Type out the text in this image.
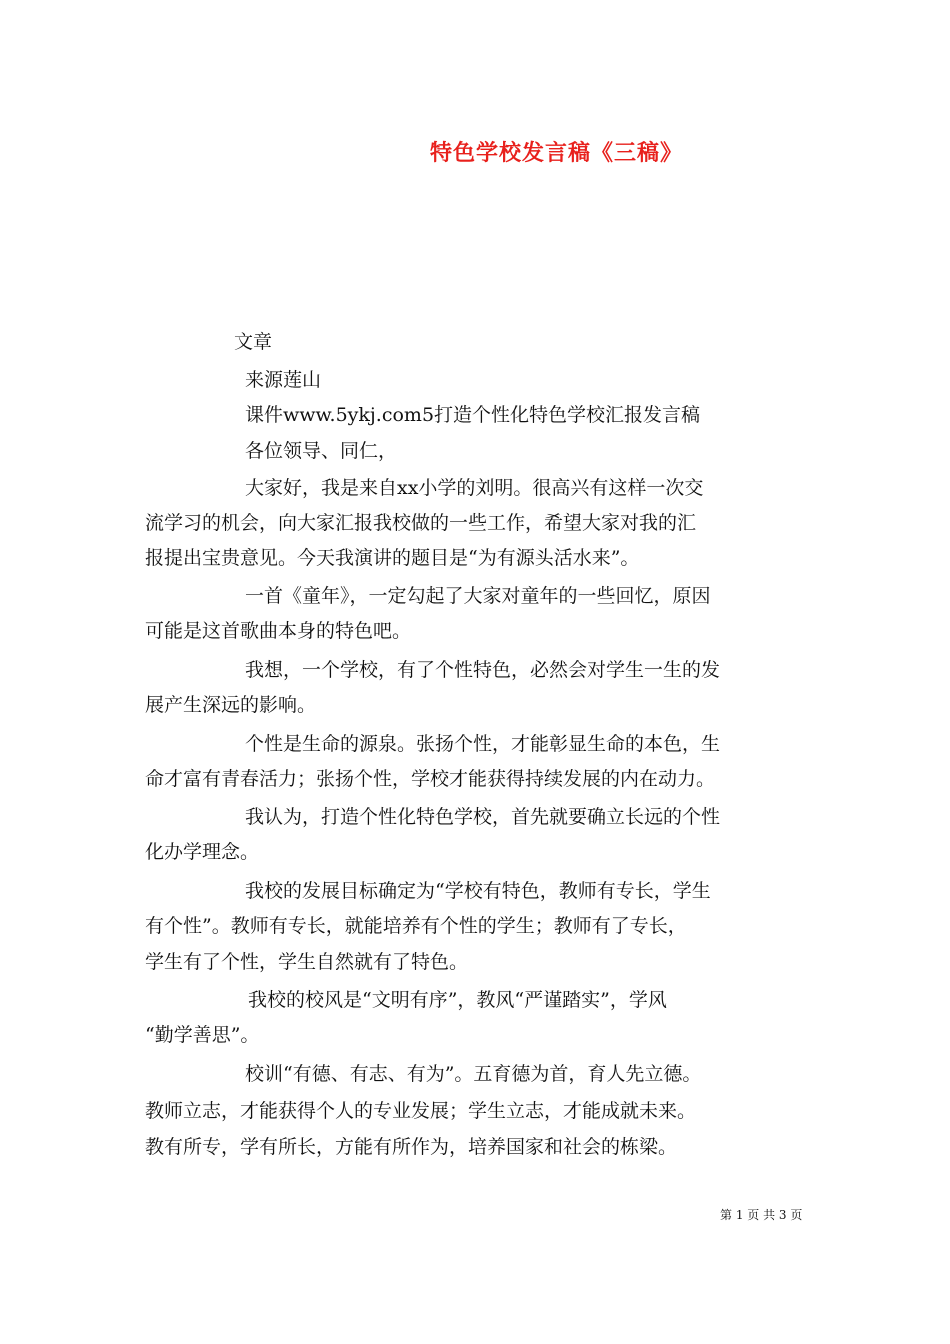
特色学校发言稿《三稿》
文章
来源莲山
课件www.5ykj.com5打造个性化特色学校汇报发言稿
各位领导、同仁，
大家好，我是来自xx小学的刘明。很高兴有这样一次交
流学习的机会，向大家汇报我校做的一些工作，希望大家对我的汇
报提出宝贵意见。今天我演讲的题目是“为有源头活水来”。
一首《童年》，一定勾起了大家对童年的一些回忆，原因
可能是这首歌曲本身的特色吧。
我想，一个学校，有了个性特色，必然会对学生一生的发
展产生深远的影响。
个性是生命的源泉。张扬个性，才能彰显生命的本色，生
命才富有青春活力；张扬个性，学校才能获得持续发展的内在动力。
我认为，打造个性化特色学校，首先就要确立长远的个性
化办学理念。
我校的发展目标确定为“学校有特色，教师有专长，学生
有个性”。教师有专长，就能培养有个性的学生；教师有了专长，
学生有了个性，学生自然就有了特色。
我校的校风是“文明有序”，教风“严谨踏实”，学风
“勤学善思”。
校训“有德、有志、有为”。五育德为首，育人先立德。
教师立志，才能获得个人的专业发展；学生立志，才能成就未来。
教有所专，学有所长，方能有所作为，培养国家和社会的栋梁。
第 1 页 共 3 页
